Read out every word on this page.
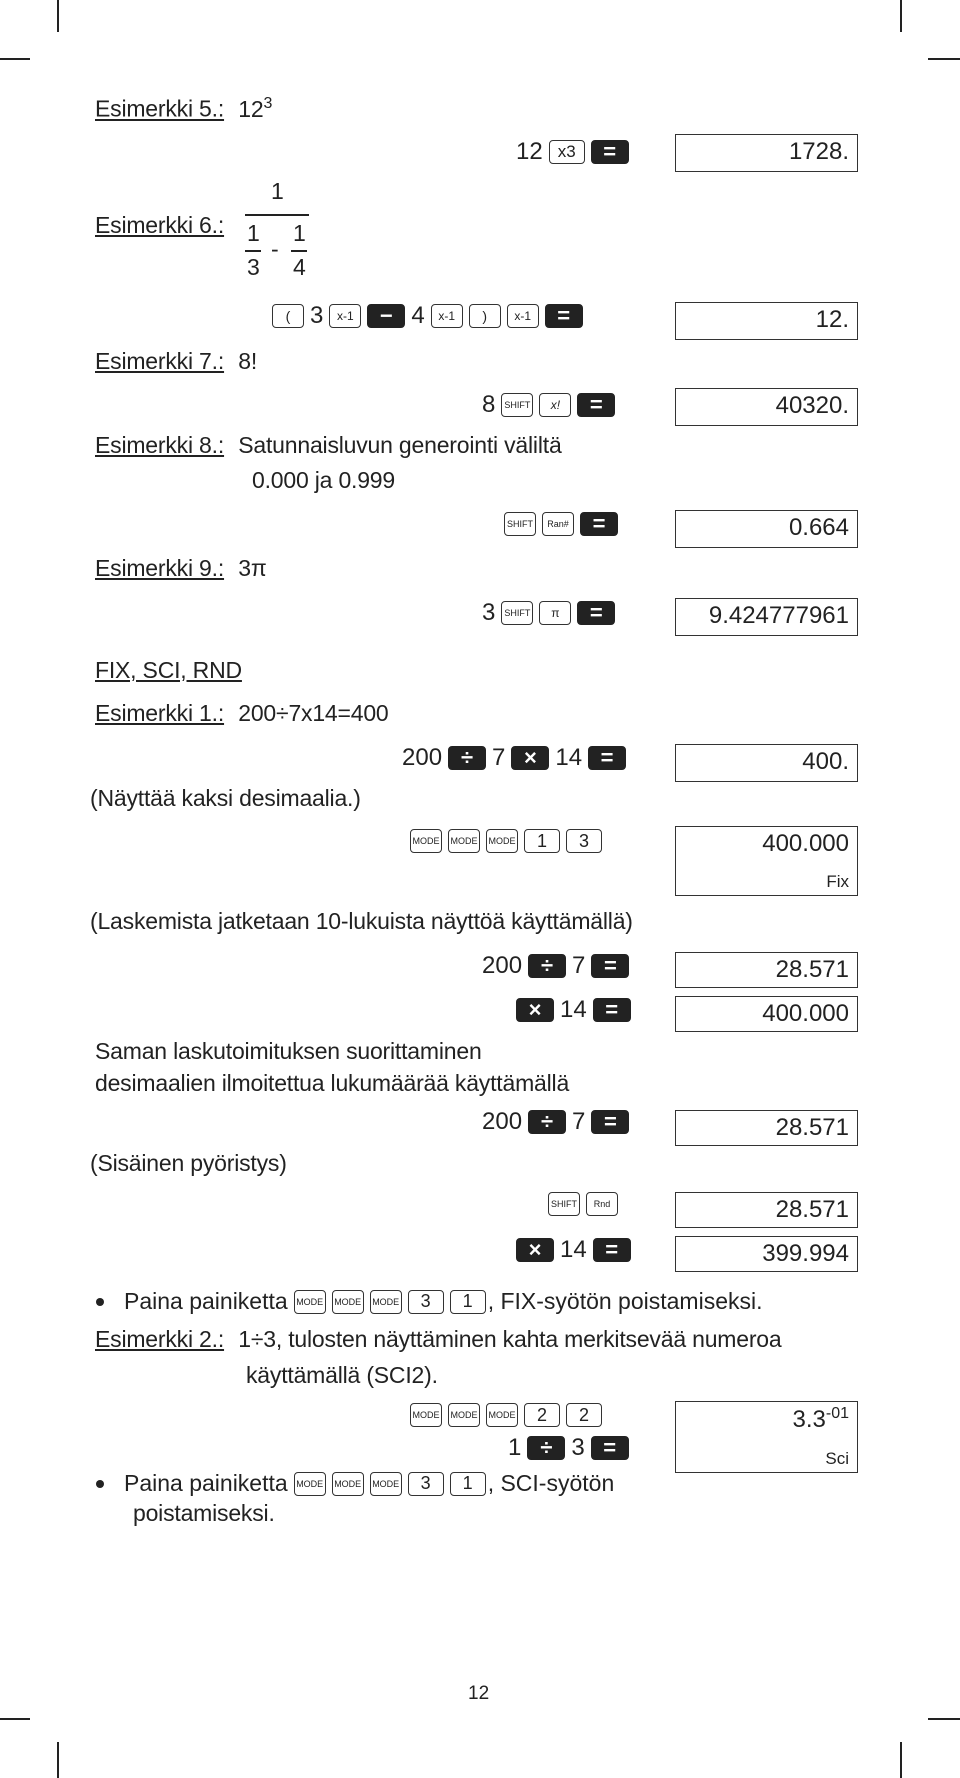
Esimerkki 5.: $12^3$
12 x3	=	1728.
Esimerkki 6.:
1
1
3
-
1
4
( 3	x-1	− 4	x-1	)	x-1	=	12.
Esimerkki 7.: 8!
8	SHIFT	x!	=	40320.
Esimerkki 8.: Satunnaisluvun generointi väliltä
0.000 ja 0.999
SHIFT	Ran#	=	0.664
Esimerkki 9.: 3π
3	SHIFT	π	=	9.424777961
FIX, SCI, RND
Esimerkki 1.: 200÷7x14=400
200 ÷ 7 × 14 =	400.
(Näyttää kaksi desimaalia.)
MODE MODE MODE	1	3	400.000
Fix
(Laskemista jatketaan 10-lukuista näyttöä käyttämällä)
200 ÷ 7 =	28.571
× 14 =	400.000
Saman laskutoimituksen suorittaminen
desimaalien ilmoitettua lukumäärää käyttämällä
200 ÷ 7 =	28.571
(Sisäinen pyöristys)
SHIFT	Rnd	28.571
× 14 =	399.994
Paina painiketta MODE MODE MODE	3	1 , FIX-syötön poistamiseksi.
Esimerkki 2.: 1÷3, tulosten näyttäminen kahta merkitsevää numeroa
käyttämällä (SCI2).
MODE MODE MODE	2	2
1 ÷ 3 =
$3.3^{-01}$
Sci
Paina painiketta MODE MODE MODE	3	1 , SCI-syötön
poistamiseksi.
12
